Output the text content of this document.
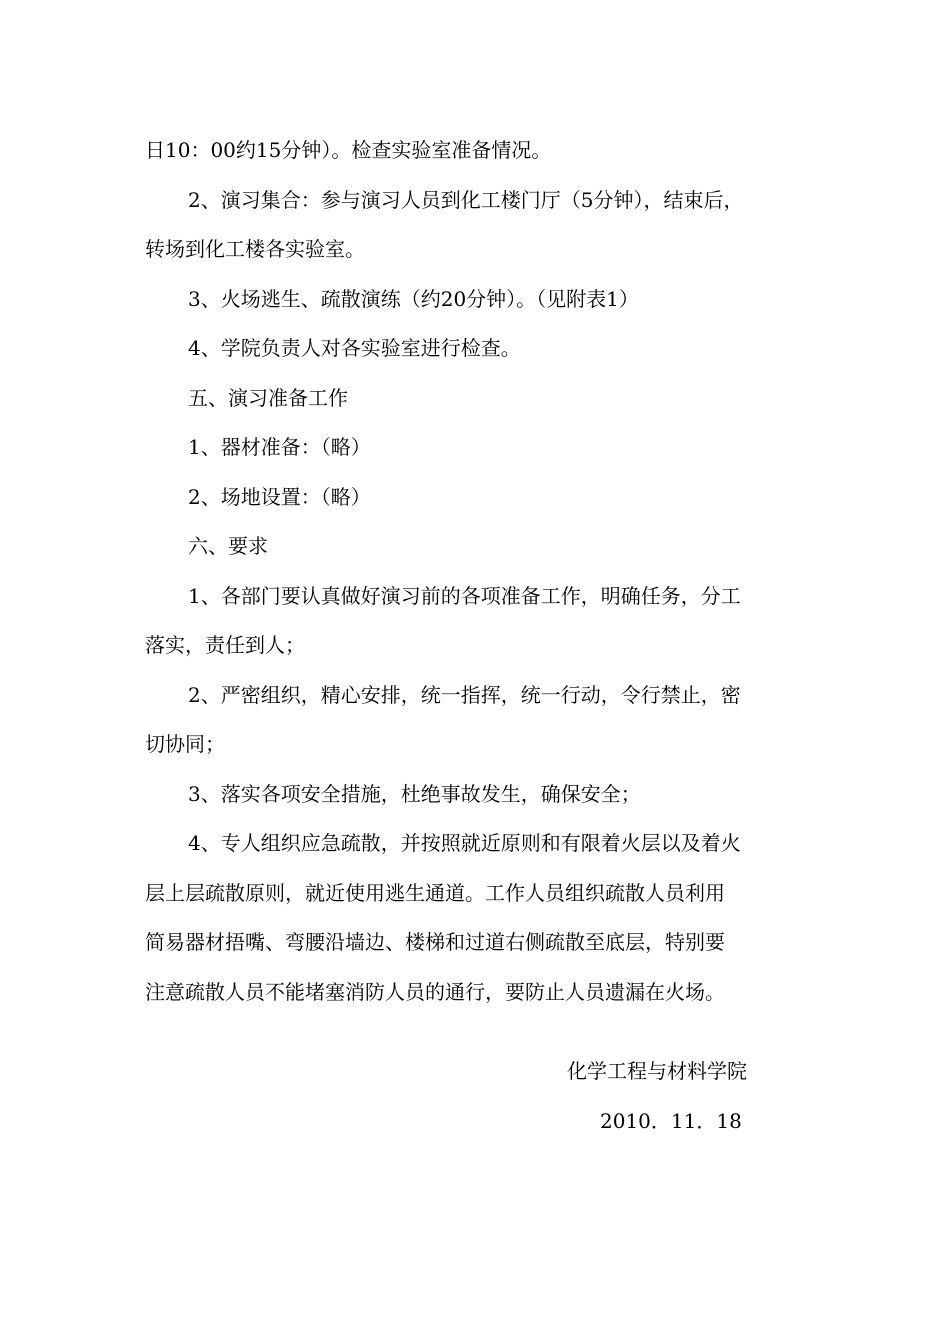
日10：00约15分钟）。检查实验室准备情况。

2、演习集合：参与演习人员到化工楼门厅（5分钟），结束后，

转场到化工楼各实验室。

3、火场逃生、疏散演练（约20分钟）。（见附表1）

4、学院负责人对各实验室进行检查。

五、演习准备工作

1、器材准备：（略）

2、场地设置：（略）

六、要求

1、各部门要认真做好演习前的各项准备工作，明确任务，分工

落实，责任到人；

2、严密组织，精心安排，统一指挥，统一行动，令行禁止，密

切协同；

3、落实各项安全措施，杜绝事故发生，确保安全；

4、专人组织应急疏散，并按照就近原则和有限着火层以及着火

层上层疏散原则，就近使用逃生通道。工作人员组织疏散人员利用

简易器材捂嘴、弯腰沿墙边、楼梯和过道右侧疏散至底层，特别要

注意疏散人员不能堵塞消防人员的通行，要防止人员遗漏在火场。

化学工程与材料学院
2010．11．18
